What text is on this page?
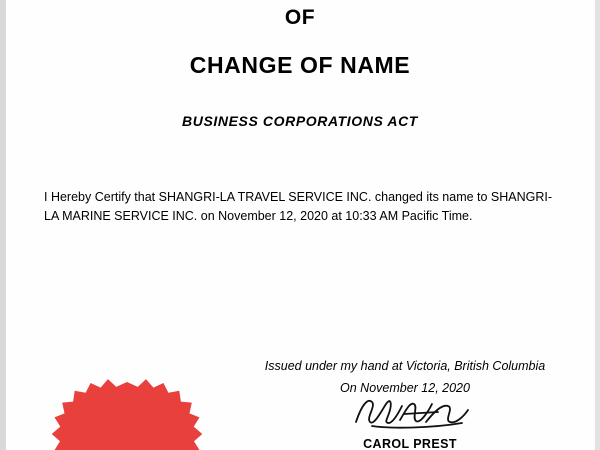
OF
CHANGE OF NAME
BUSINESS CORPORATIONS ACT
I Hereby Certify that SHANGRI-LA TRAVEL SERVICE INC. changed its name to SHANGRI-LA MARINE SERVICE INC. on November 12, 2020 at 10:33 AM Pacific Time.
Issued under my hand at Victoria, British Columbia
On November 12, 2020
CAROL PREST
